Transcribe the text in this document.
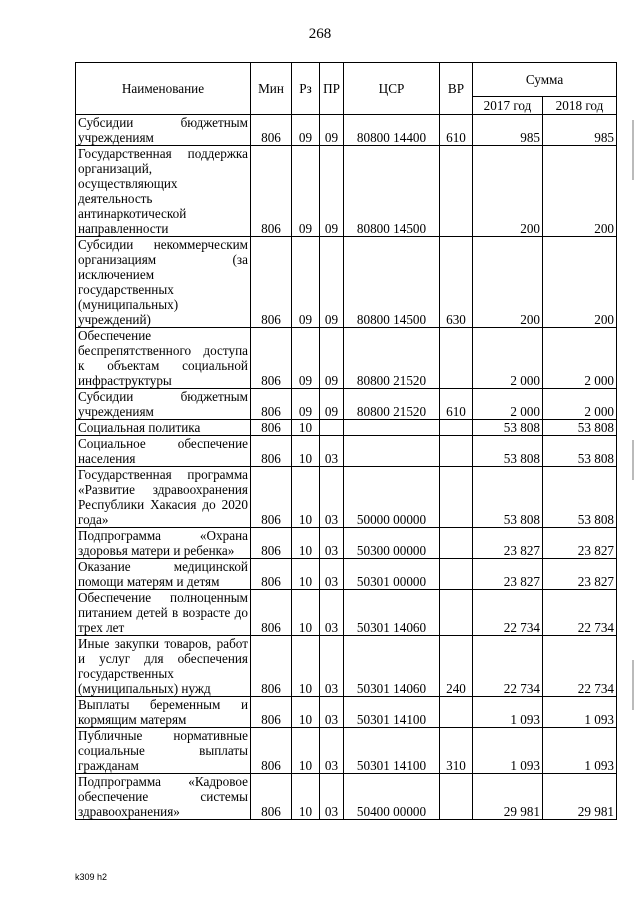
268
Наименование	Мин	Рз	ПР	ЦСР	ВР	Сумма	
						2017 год	2018 год
Субсидии бюджетным учреждениям	806	09	09	80800 14400	610	985	985
Государственная поддержка организаций, осуществляющих деятельность антинаркотической направленности	806	09	09	80800 14500		200	200
Субсидии некоммерческим организациям (за исключением государственных (муниципальных) учреждений)	806	09	09	80800 14500	630	200	200
Обеспечение беспрепятственного доступа к объектам социальной инфраструктуры	806	09	09	80800 21520		2 000	2 000
Субсидии бюджетным учреждениям	806	09	09	80800 21520	610	2 000	2 000
Социальная политика	806	10				53 808	53 808
Социальное обеспечение населения	806	10	03			53 808	53 808
Государственная программа «Развитие здравоохранения Республики Хакасия до 2020 года»	806	10	03	50000 00000		53 808	53 808
Подпрограмма «Охрана здоровья матери и ребенка»	806	10	03	50300 00000		23 827	23 827
Оказание медицинской помощи матерям и детям	806	10	03	50301 00000		23 827	23 827
Обеспечение полноценным питанием детей в возрасте до трех лет	806	10	03	50301 14060		22 734	22 734
Иные закупки товаров, работ и услуг для обеспечения государственных (муниципальных) нужд	806	10	03	50301 14060	240	22 734	22 734
Выплаты беременным и кормящим матерям	806	10	03	50301 14100		1 093	1 093
Публичные нормативные социальные выплаты гражданам	806	10	03	50301 14100	310	1 093	1 093
Подпрограмма «Кадровое обеспечение системы здравоохранения»	806	10	03	50400 00000		29 981	29 981
k309 h2
